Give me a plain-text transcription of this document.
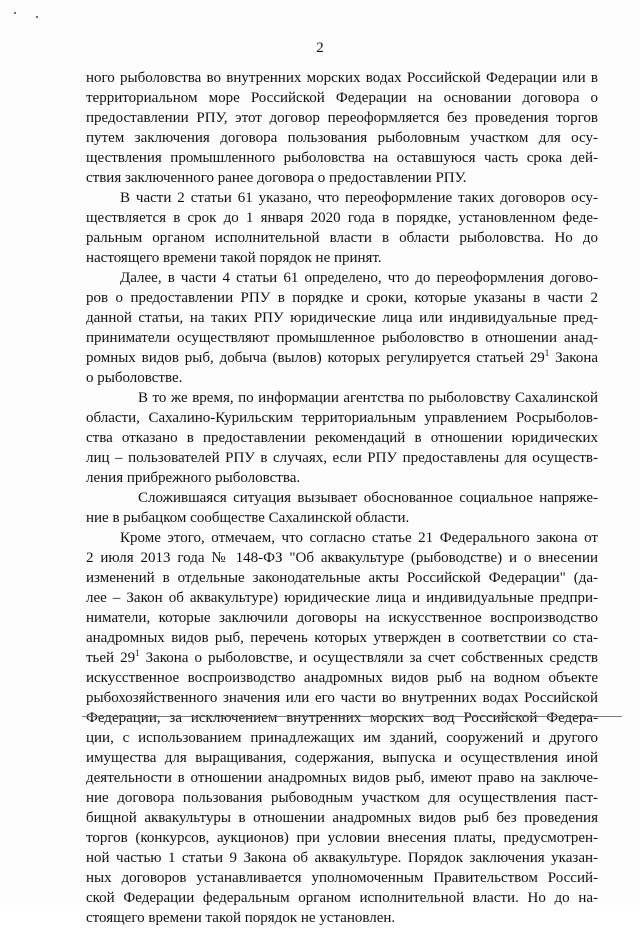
2
ного рыболовства во внутренних морских водах Российской Федерации или в
территориальном море Российской Федерации на основании договора о
предоставлении РПУ, этот договор переоформляется без проведения торгов
путем заключения договора пользования рыболовным участком для осу-
ществления промышленного рыболовства на оставшуюся часть срока дей-
ствия заключенного ранее договора о предоставлении РПУ.
В части 2 статьи 61 указано, что переоформление таких договоров осу-
ществляется в срок до 1 января 2020 года в порядке, установленном феде-
ральным органом исполнительной власти в области рыболовства. Но до
настоящего времени такой порядок не принят.
Далее, в части 4 статьи 61 определено, что до переоформления догово-
ров о предоставлении РПУ в порядке и сроки, которые указаны в части 2
данной статьи, на таких РПУ юридические лица или индивидуальные пред-
приниматели осуществляют промышленное рыболовство в отношении анад-
ромных видов рыб, добыча (вылов) которых регулируется статьей $29^1$ Закона
о рыболовстве.
В то же время, по информации агентства по рыболовству Сахалинской
области, Сахалино-Курильским территориальным управлением Росрыболов-
ства отказано в предоставлении рекомендаций в отношении юридических
лиц – пользователей РПУ в случаях, если РПУ предоставлены для осуществ-
ления прибрежного рыболовства.
Сложившаяся ситуация вызывает обоснованное социальное напряже-
ние в рыбацком сообществе Сахалинской области.
Кроме этого, отмечаем, что согласно статье 21 Федерального закона от
2 июля 2013 года № 148-ФЗ "Об аквакультуре (рыбоводстве) и о внесении
изменений в отдельные законодательные акты Российской Федерации" (да-
лее – Закон об аквакультуре) юридические лица и индивидуальные предпри-
ниматели, которые заключили договоры на искусственное воспроизводство
анадромных видов рыб, перечень которых утвержден в соответствии со ста-
тьей $29^1$ Закона о рыболовстве, и осуществляли за счет собственных средств
искусственное воспроизводство анадромных видов рыб на водном объекте
рыбохозяйственного значения или его части во внутренних водах Российской
Федерации, за исключением внутренних морских вод Российской Федера-
ции, с использованием принадлежащих им зданий, сооружений и другого
имущества для выращивания, содержания, выпуска и осуществления иной
деятельности в отношении анадромных видов рыб, имеют право на заключе-
ние договора пользования рыбоводным участком для осуществления паст-
бищной аквакультуры в отношении анадромных видов рыб без проведения
торгов (конкурсов, аукционов) при условии внесения платы, предусмотрен-
ной частью 1 статьи 9 Закона об аквакультуре. Порядок заключения указан-
ных договоров устанавливается уполномоченным Правительством Россий-
ской Федерации федеральным органом исполнительной власти. Но до на-
стоящего времени такой порядок не установлен.
